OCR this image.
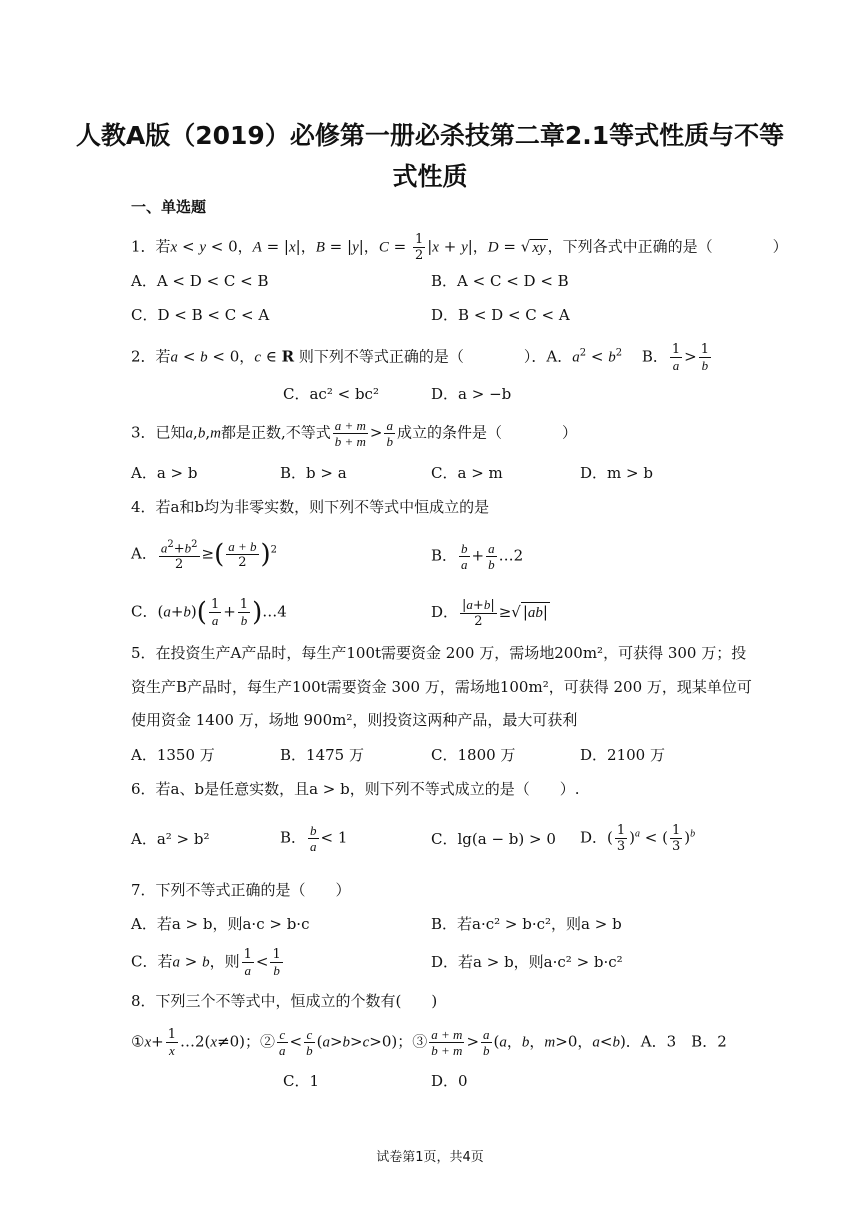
人教A版（2019）必修第一册必杀技第二章2.1等式性质与不等
式性质
一、单选题
1．若x < y < 0，A = |x|，B = |y|，$C = \frac{1}{2} |x + y|$，D = √ xy ，下列各式中正确的是（　　　　）
A．A < D < C < B	B．A < C < D < B
C．D < B < C < A	D．B < D < C < A
2．若a < b < 0，c ∈ R 则下列不等式正确的是（　　　　）．A．$a^2 < b^2$　 B． $\frac{1}{a} > \frac{1}{b}$
C．ac² < bc²	D．a > −b
3．已知a,b,m都是正数,不等式 $\frac{a + m}{b + m} > \frac{a}{b}$ 成立的条件是（　　　　）
A．a > b	B．b > a	C．a > m	D．m > b
4．若a和b均为非零实数，则下列不等式中恒成立的是
A． $\frac{a^2+b^2}{2}$ ≥( $\frac{a + b}{2} )^2$	B． $\frac{b}{a} + \frac{a}{b}$ …2
C．$(a+b)( \frac{1}{a} + \frac{1}{b}$ )…4	D． $\frac{|a+b|}{2}$ ≥√ |ab|
5．在投资生产A产品时，每生产100t需要资金 200 万，需场地200m²，可获得 300 万；投
资生产B产品时，每生产100t需要资金 300 万，需场地100m²，可获得 200 万，现某单位可
使用资金 1400 万，场地 900m²，则投资这两种产品，最大可获利
A．1350 万	B．1475 万	C．1800 万	D．2100 万
6．若a、b是任意实数，且a > b，则下列不等式成立的是（　　）.
A．a² > b²	B． $\frac{b}{a} < 1$	C．lg(a − b) > 0 D．( $\frac{1}{3} )^a$ < ( $\frac{1}{3} )^b$
7．下列不等式正确的是（　　）
A．若a > b，则a·c > b·c	B．若a·c² > b·c²，则a > b
C．若a > b，则 $\frac{1}{a} < \frac{1}{b}$	D．若a > b，则a·c² > b·c²
8．下列三个不等式中，恒成立的个数有(　　)
①x+ $\frac{1}{x}$ …2(x≠0)；② $\frac{c}{a} < \frac{c}{b} (a>b>c>0)$；③ $\frac{a + m}{b + m} > \frac{a}{b} (a$，b，m>0，a<b)．A．3　B．2
C．1	D．0
试卷第1页，共4页
